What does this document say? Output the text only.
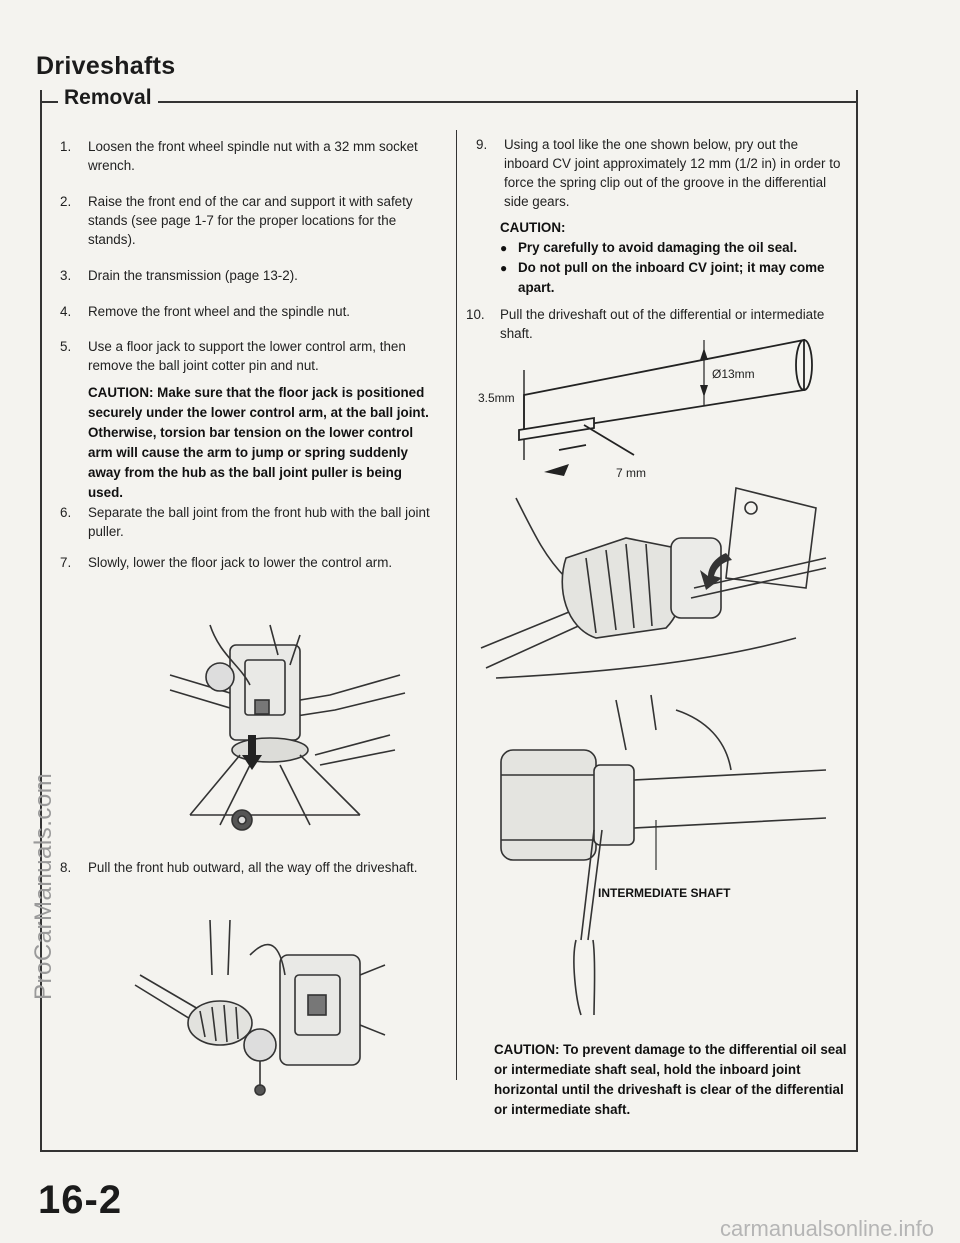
Driveshafts
Removal
1.	Loosen the front wheel spindle nut with a 32 mm socket wrench.
2.	Raise the front end of the car and support it with safety stands (see page 1-7 for the proper locations for the stands).
3.	Drain the transmission (page 13-2).
4.	Remove the front wheel and the spindle nut.
5.	Use a floor jack to support the lower control arm, then remove the ball joint cotter pin and nut.
CAUTION: Make sure that the floor jack is positioned securely under the lower control arm, at the ball joint. Otherwise, torsion bar tension on the lower control arm will cause the arm to jump or spring suddenly away from the hub as the ball joint puller is being used.
6.	Separate the ball joint from the front hub with the ball joint puller.
7.	Slowly, lower the floor jack to lower the control arm.
8.	Pull the front hub outward, all the way off the driveshaft.
9.	Using a tool like the one shown below, pry out the inboard CV joint approximately 12 mm (1/2 in) in order to force the spring clip out of the groove in the differential side gears.
CAUTION:
● Pry carefully to avoid damaging the oil seal.
● Do not pull on the inboard CV joint; it may come apart.
10.	Pull the driveshaft out of the differential or intermediate shaft.
3.5mm
Ø13mm
7 mm
INTERMEDIATE SHAFT
CAUTION: To prevent damage to the differential oil seal or intermediate shaft seal, hold the inboard joint horizontal until the driveshaft is clear of the differential or intermediate shaft.
16-2
ProCarManuals.com
carmanualsonline.info
